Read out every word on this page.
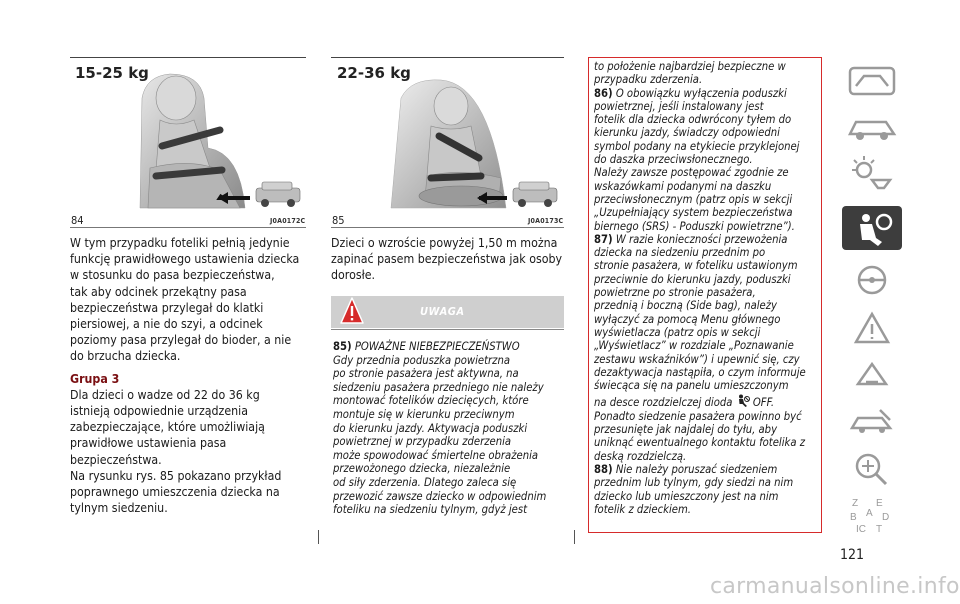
15-25 kg
84	J0A0172C
22-36 kg
85	J0A0173C

W tym przypadku foteliki pełnią jedynie

funkcję prawidłowego ustawienia dziecka

w stosunku do pasa bezpieczeństwa,

tak aby odcinek przekątny pasa

bezpieczeństwa przylegał do klatki

piersiowej, a nie do szyi, a odcinek

poziomy pasa przylegał do bioder, a nie

do brzucha dziecka.

Grupa 3

Dla dzieci o wadze od 22 do 36 kg

istnieją odpowiednie urządzenia

zabezpieczające, które umożliwiają

prawidłowe ustawienia pasa

bezpieczeństwa.

Na rysunku rys. 85 pokazano przykład

poprawnego umieszczenia dziecka na

tylnym siedzeniu.

Dzieci o wzroście powyżej 1,50 m można

zapinać pasem bezpieczeństwa jak osoby

dorosłe.

UWAGA

85) POWAŻNE NIEBEZPIECZEŃSTWO

Gdy przednia poduszka powietrzna

po stronie pasażera jest aktywna, na

siedzeniu pasażera przedniego nie należy

montować fotelików dziecięcych, które

montuje się w kierunku przeciwnym

do kierunku jazdy. Aktywacja poduszki

powietrznej w przypadku zderzenia

może spowodować śmiertelne obrażenia

przewożonego dziecka, niezależnie

od siły zderzenia. Dlatego zaleca się

przewozić zawsze dziecko w odpowiednim

foteliku na siedzeniu tylnym, gdyż jest

to położenie najbardziej bezpieczne w

przypadku zderzenia.

86) O obowiązku wyłączenia poduszki

powietrznej, jeśli instalowany jest

fotelik dla dziecka odwrócony tyłem do

kierunku jazdy, świadczy odpowiedni

symbol podany na etykiecie przyklejonej

do daszka przeciwsłonecznego.

Należy zawsze postępować zgodnie ze

wskazówkami podanymi na daszku

przeciwsłonecznym (patrz opis w sekcji

„Uzupełniający system bezpieczeństwa

biernego (SRS) - Poduszki powietrzne”).

87) W razie konieczności przewożenia

dziecka na siedzeniu przednim po

stronie pasażera, w foteliku ustawionym

przeciwnie do kierunku jazdy, poduszki

powietrzne po stronie pasażera,

przednią i boczną (Side bag), należy

wyłączyć za pomocą Menu głównego

wyświetlacza (patrz opis w sekcji

„Wyświetlacz” w rozdziale „Poznawanie

zestawu wskaźników”) i upewnić się, czy

dezaktywacja nastąpiła, o czym informuje

świecąca się na panelu umieszczonym

na desce rozdzielczej dioda OFF.

Ponadto siedzenie pasażera powinno być

przesunięte jak najdalej do tyłu, aby

uniknąć ewentualnego kontaktu fotelika z

deską rozdzielczą.

88) Nie należy poruszać siedzeniem

przednim lub tylnym, gdy siedzi na nim

dziecko lub umieszczony jest na nim

fotelik z dzieckiem.	Z E
B A D
IC T
121
carmanualsonline.info
